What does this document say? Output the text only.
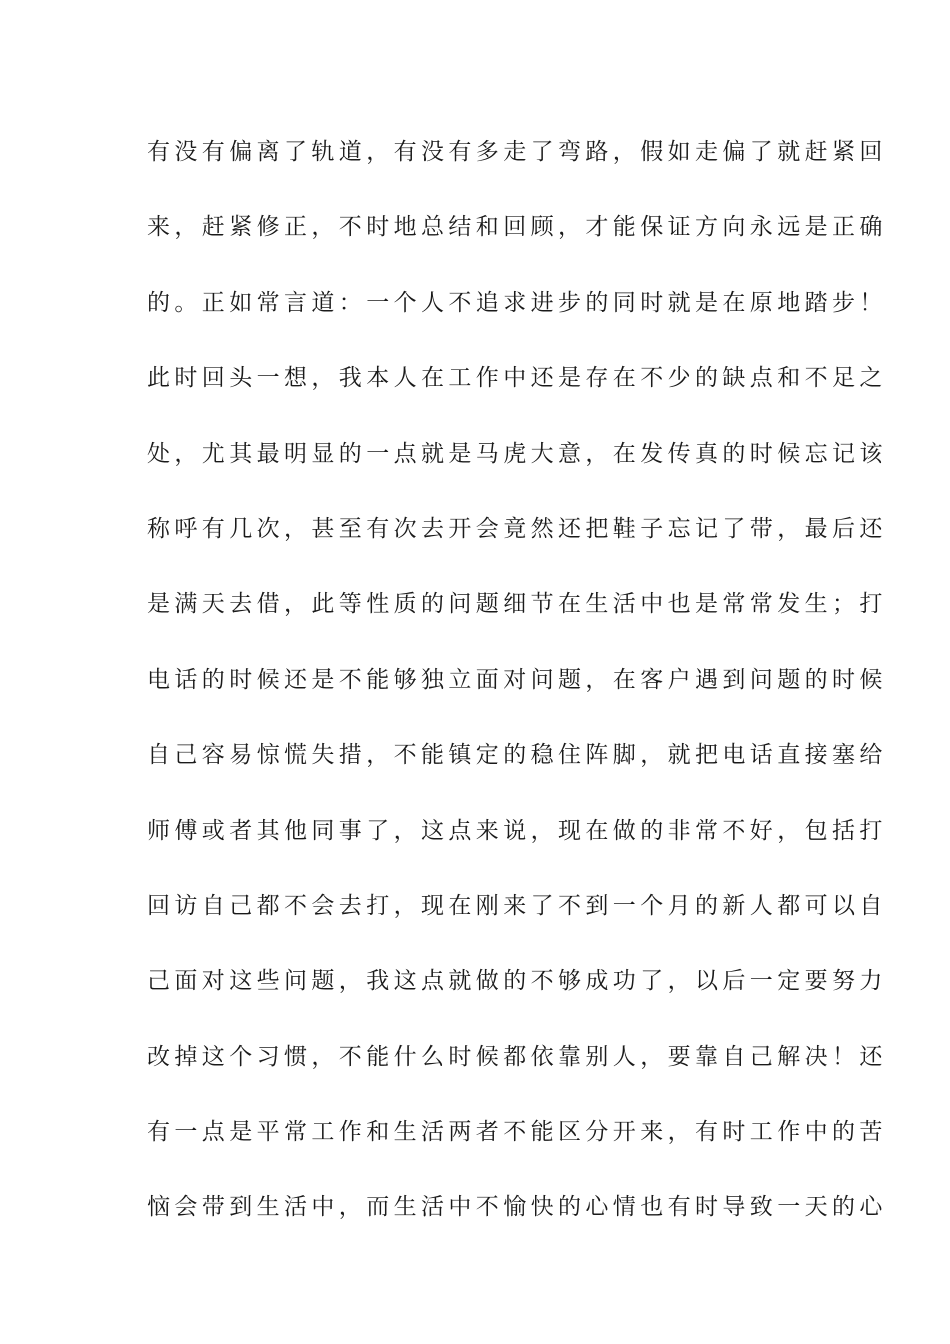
有没有偏离了轨道，有没有多走了弯路，假如走偏了就赶紧回
来，赶紧修正，不时地总结和回顾，才能保证方向永远是正确
的。正如常言道：一个人不追求进步的同时就是在原地踏步！
此时回头一想，我本人在工作中还是存在不少的缺点和不足之
处，尤其最明显的一点就是马虎大意，在发传真的时候忘记该
称呼有几次，甚至有次去开会竟然还把鞋子忘记了带，最后还
是满天去借，此等性质的问题细节在生活中也是常常发生；打
电话的时候还是不能够独立面对问题，在客户遇到问题的时候
自己容易惊慌失措，不能镇定的稳住阵脚，就把电话直接塞给
师傅或者其他同事了，这点来说，现在做的非常不好，包括打
回访自己都不会去打，现在刚来了不到一个月的新人都可以自
己面对这些问题，我这点就做的不够成功了，以后一定要努力
改掉这个习惯，不能什么时候都依靠别人，要靠自己解决！还
有一点是平常工作和生活两者不能区分开来，有时工作中的苦
恼会带到生活中，而生活中不愉快的心情也有时导致一天的心
